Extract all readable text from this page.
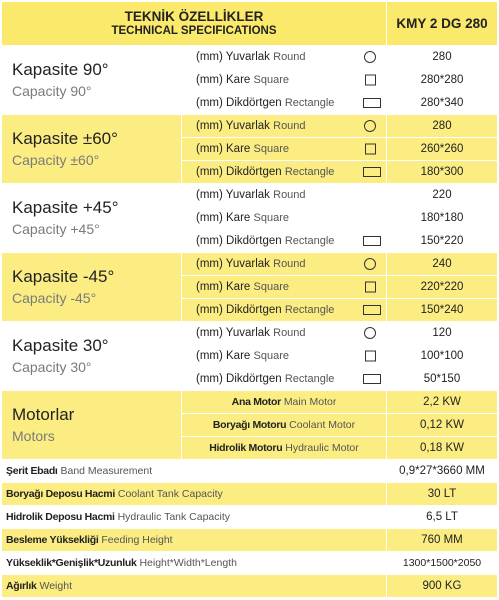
TEKNİK ÖZELLİKLER
TECHNICAL SPECIFICATIONS		KMY 2 DG 280

Kapasite 90°
Capacity 90°	(mm) Yuvarlak Round	280
	(mm) Kare Square	280*280
	(mm) Dikdörtgen Rectangle	280*340

Kapasite ±60°
Capacity ±60°	(mm) Yuvarlak Round	280
	(mm) Kare Square	260*260
	(mm) Dikdörtgen Rectangle	180*300

Kapasite +45°
Capacity +45°	(mm) Yuvarlak Round	220
	(mm) Kare Square	180*180
	(mm) Dikdörtgen Rectangle	150*220

Kapasite -45°
Capacity -45°	(mm) Yuvarlak Round	240
	(mm) Kare Square	220*220
	(mm) Dikdörtgen Rectangle	150*240

Kapasite 30°
Capacity 30°	(mm) Yuvarlak Round	120
	(mm) Kare Square	100*100
	(mm) Dikdörtgen Rectangle	50*150

Motorlar
Motors	Ana Motor Main Motor	2,2 KW
	Boryağı Motoru Coolant Motor	0,12 KW
	Hidrolik Motoru Hydraulic Motor	0,18 KW
Şerit Ebadı Band Measurement		0,9*27*3660 MM
Boryağı Deposu Hacmi Coolant Tank Capacity		30 LT
Hidrolik Deposu Hacmi Hydraulic Tank Capacity		6,5 LT
Besleme Yüksekliği Feeding Height		760 MM
Yükseklik*Genişlik*Uzunluk Height*Width*Length		1300*1500*2050
Ağırlık Weight		900 KG
